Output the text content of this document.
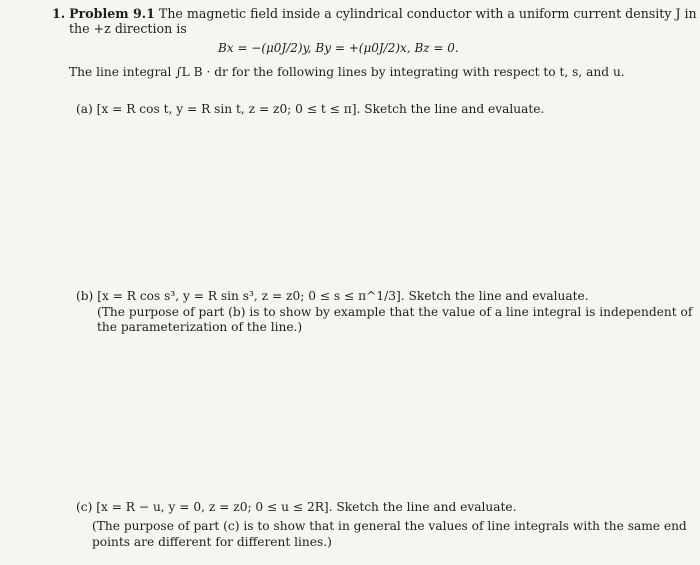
1. Problem 9.1 The magnetic field inside a cylindrical conductor with a uniform current density J in
the +z direction is
Bx = −(μ0J/2)y, By = +(μ0J/2)x, Bz = 0.
The line integral ∫L B · dr for the following lines by integrating with respect to t, s, and u.
(a) [x = R cos t, y = R sin t, z = z0; 0 ≤ t ≤ π]. Sketch the line and evaluate.
(b) [x = R cos s³, y = R sin s³, z = z0; 0 ≤ s ≤ π^1/3]. Sketch the line and evaluate.
(The purpose of part (b) is to show by example that the value of a line integral is independent of
the parameterization of the line.)
(c) [x = R − u, y = 0, z = z0; 0 ≤ u ≤ 2R]. Sketch the line and evaluate.
(The purpose of part (c) is to show that in general the values of line integrals with the same end
points are different for different lines.)
